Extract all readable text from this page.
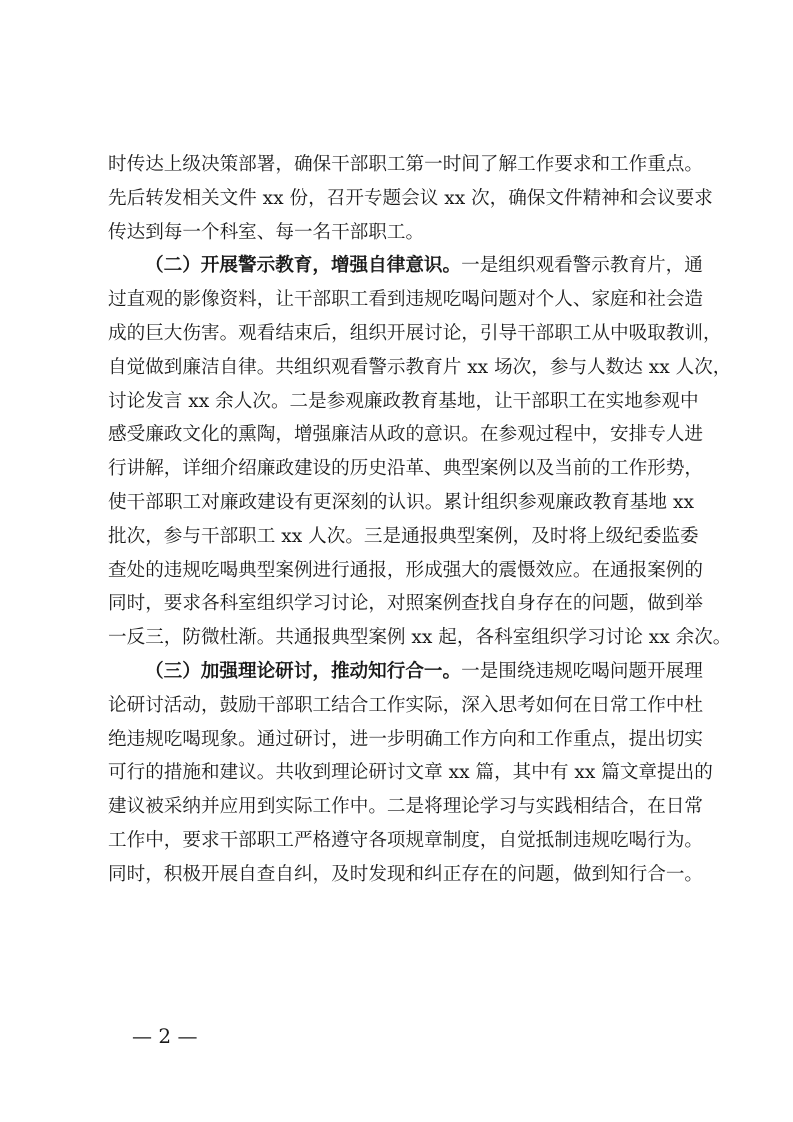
时传达上级决策部署，确保干部职工第一时间了解工作要求和工作重点。
先后转发相关文件 xx 份，召开专题会议 xx 次，确保文件精神和会议要求
传达到每一个科室、每一名干部职工。
（二）开展警示教育，增强自律意识。一是组织观看警示教育片，通
过直观的影像资料，让干部职工看到违规吃喝问题对个人、家庭和社会造
成的巨大伤害。观看结束后，组织开展讨论，引导干部职工从中吸取教训，
自觉做到廉洁自律。共组织观看警示教育片 xx 场次，参与人数达 xx 人次，
讨论发言 xx 余人次。二是参观廉政教育基地，让干部职工在实地参观中
感受廉政文化的熏陶，增强廉洁从政的意识。在参观过程中，安排专人进
行讲解，详细介绍廉政建设的历史沿革、典型案例以及当前的工作形势，
使干部职工对廉政建设有更深刻的认识。累计组织参观廉政教育基地 xx
批次，参与干部职工 xx 人次。三是通报典型案例，及时将上级纪委监委
查处的违规吃喝典型案例进行通报，形成强大的震慑效应。在通报案例的
同时，要求各科室组织学习讨论，对照案例查找自身存在的问题，做到举
一反三，防微杜渐。共通报典型案例 xx 起，各科室组织学习讨论 xx 余次。
（三）加强理论研讨，推动知行合一。一是围绕违规吃喝问题开展理
论研讨活动，鼓励干部职工结合工作实际，深入思考如何在日常工作中杜
绝违规吃喝现象。通过研讨，进一步明确工作方向和工作重点，提出切实
可行的措施和建议。共收到理论研讨文章 xx 篇，其中有 xx 篇文章提出的
建议被采纳并应用到实际工作中。二是将理论学习与实践相结合，在日常
工作中，要求干部职工严格遵守各项规章制度，自觉抵制违规吃喝行为。
同时，积极开展自查自纠，及时发现和纠正存在的问题，做到知行合一。
— 2 —
